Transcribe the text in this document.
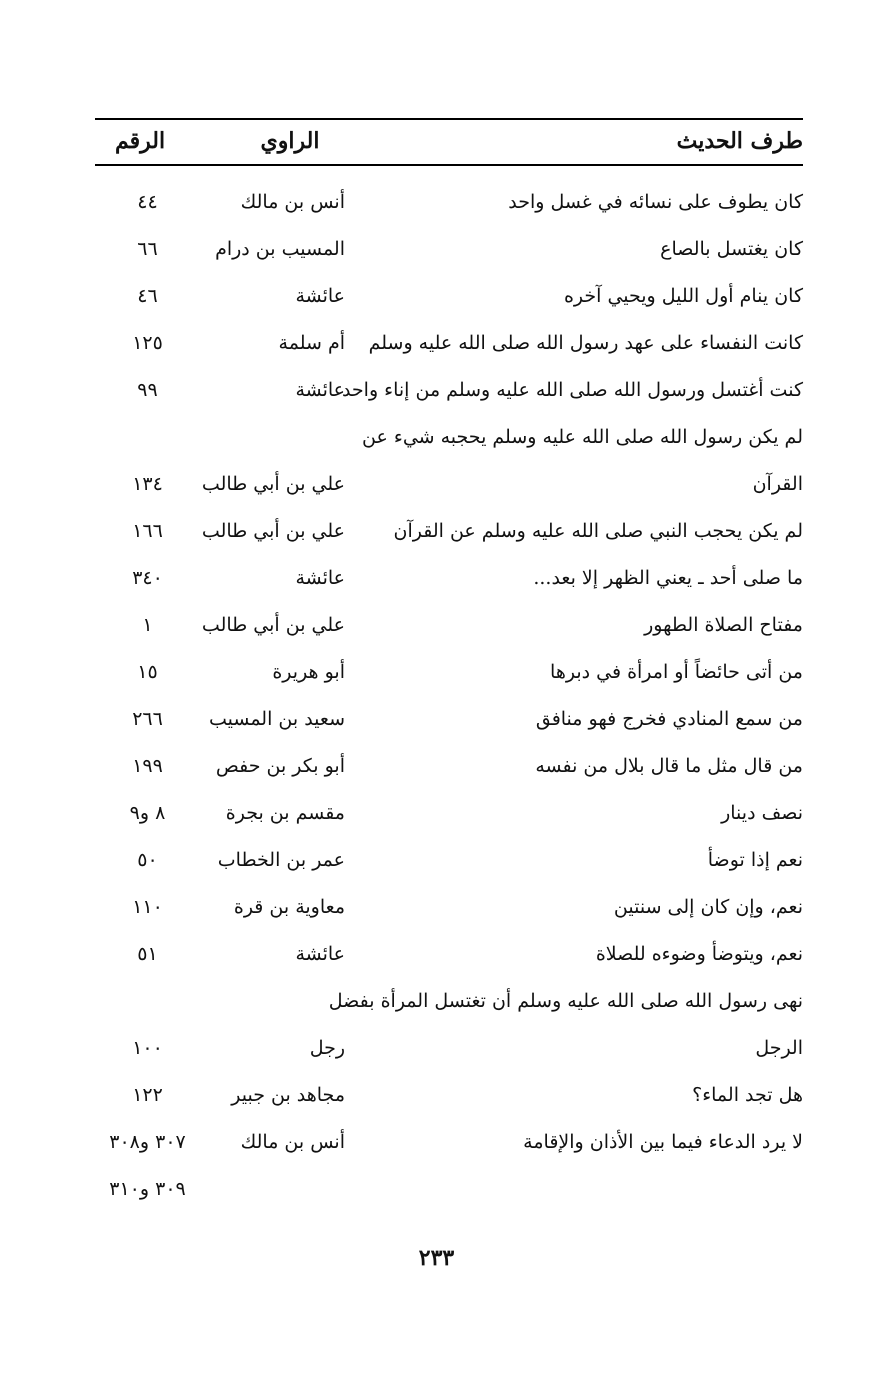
طرف الحديث
الراوي
الرقم
كان يطوف على نسائه في غسل واحد
أنس بن مالك
٤٤
كان يغتسل بالصاع
المسيب بن درام
٦٦
كان ينام أول الليل ويحيي آخره
عائشة
٤٦
كانت النفساء على عهد رسول الله صلى الله عليه وسلم
أم سلمة
١٢٥
كنت أغتسل ورسول الله صلى الله عليه وسلم من إناء واحد
عائشة
٩٩
لم يكن رسول الله صلى الله عليه وسلم يحجبه شيء عن
القرآن
علي بن أبي طالب
١٣٤
لم يكن يحجب النبي صلى الله عليه وسلم عن القرآن
علي بن أبي طالب
١٦٦
ما صلى أحد ـ يعني الظهر إلا بعد...
عائشة
٣٤٠
مفتاح الصلاة الطهور
علي بن أبي طالب
١
من أتى حائضاً أو امرأة في دبرها
أبو هريرة
١٥
من سمع المنادي فخرج فهو منافق
سعيد بن المسيب
٢٦٦
من قال مثل ما قال بلال من نفسه
أبو بكر بن حفص
١٩٩
نصف دينار
مقسم بن بجرة
٨ و٩
نعم إذا توضأ
عمر بن الخطاب
٥٠
نعم، وإن كان إلى سنتين
معاوية بن قرة
١١٠
نعم، ويتوضأ وضوءه للصلاة
عائشة
٥١
نهى رسول الله صلى الله عليه وسلم أن تغتسل المرأة بفضل
الرجل
رجل
١٠٠
هل تجد الماء؟
مجاهد بن جبير
١٢٢
لا يرد الدعاء فيما بين الأذان والإقامة
أنس بن مالك
٣٠٧ و٣٠٨
٣٠٩ و٣١٠
٢٣٣
